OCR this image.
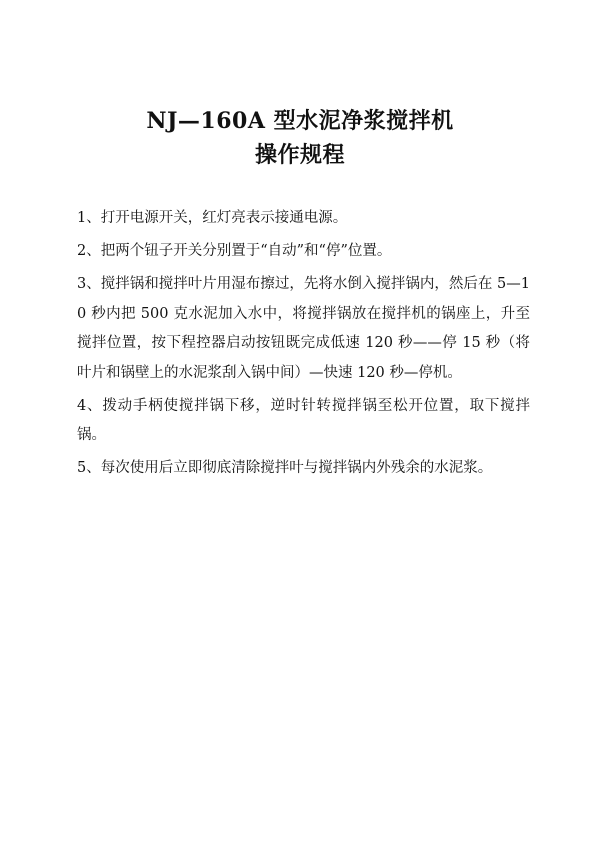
NJ—160A 型水泥净浆搅拌机
操作规程
1、打开电源开关，红灯亮表示接通电源。
2、把两个钮子开关分别置于“自动”和“停”位置。
3、搅拌锅和搅拌叶片用湿布擦过，先将水倒入搅拌锅内，然后在 5—10 秒内把 500 克水泥加入水中，将搅拌锅放在搅拌机的锅座上，升至搅拌位置，按下程控器启动按钮既完成低速 120 秒——停 15 秒（将叶片和锅壁上的水泥浆刮入锅中间）—快速 120 秒—停机。
4、拨动手柄使搅拌锅下移，逆时针转搅拌锅至松开位置，取下搅拌锅。
5、每次使用后立即彻底清除搅拌叶与搅拌锅内外残余的水泥浆。
